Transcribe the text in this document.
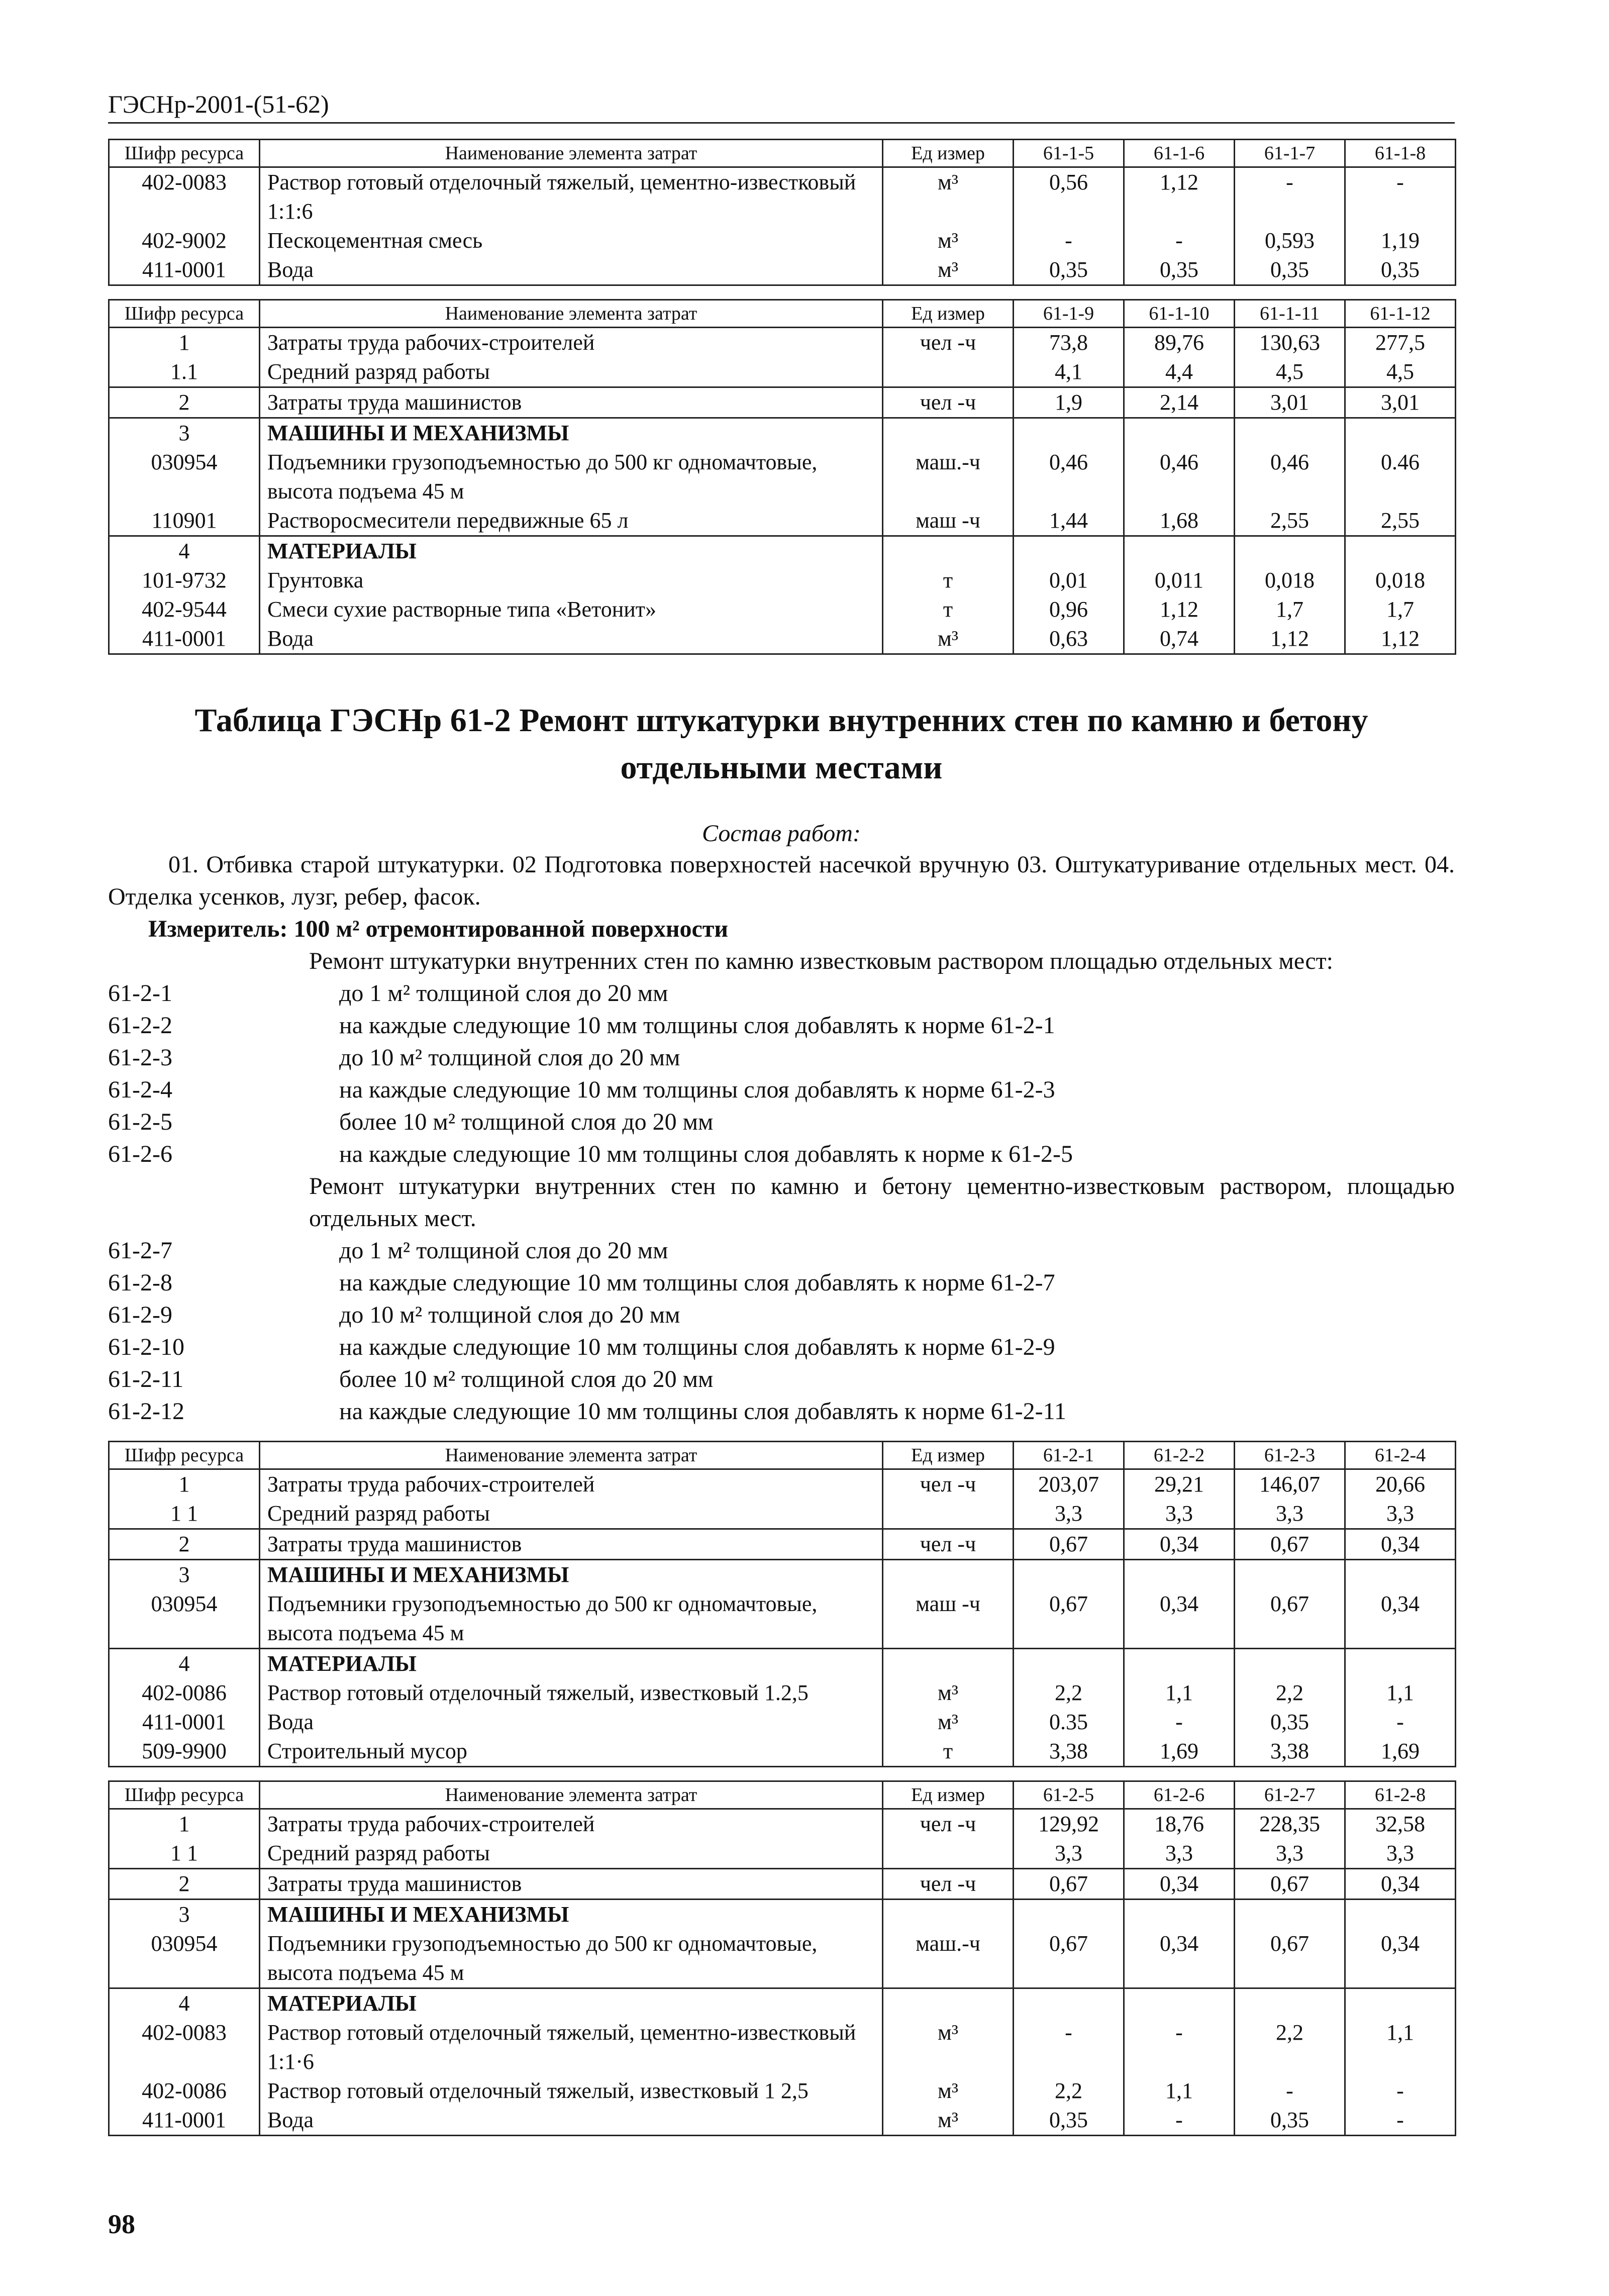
ГЭСНр-2001-(51-62)
Шифр ресурса	Наименование элемента затрат	Ед измер	61-1-5	61-1-6	61-1-7	61-1-8
402-0083	Раствор готовый отделочный тяжелый, цементно-известковый 1:1:6	м³	0,56	1,12	-	-
402-9002	Пескоцементная смесь	м³	-	-	0,593	1,19
411-0001	Вода	м³	0,35	0,35	0,35	0,35
Шифр ресурса	Наименование элемента затрат	Ед измер	61-1-9	61-1-10	61-1-11	61-1-12
1	Затраты труда рабочих-строителей	чел -ч	73,8	89,76	130,63	277,5
1.1	Средний разряд работы		4,1	4,4	4,5	4,5
2	Затраты труда машинистов	чел -ч	1,9	2,14	3,01	3,01
3	МАШИНЫ И МЕХАНИЗМЫ					
030954	Подъемники грузоподъемностью до 500 кг одномачтовые, высота подъема 45 м	маш.-ч	0,46	0,46	0,46	0.46
110901	Растворосмесители передвижные 65 л	маш -ч	1,44	1,68	2,55	2,55
4	МАТЕРИАЛЫ					
101-9732	Грунтовка	т	0,01	0,011	0,018	0,018
402-9544	Смеси сухие растворные типа «Ветонит»	т	0,96	1,12	1,7	1,7
411-0001	Вода	м³	0,63	0,74	1,12	1,12
Таблица ГЭСНр 61-2 Ремонт штукатурки внутренних стен по камню и бетону отдельными местами
Состав работ:
01. Отбивка старой штукатурки. 02 Подготовка поверхностей насечкой вручную 03. Оштукатуривание отдельных мест. 04. Отделка усенков, лузг, ребер, фасок.
Измеритель: 100 м² отремонтированной поверхности
Ремонт штукатурки внутренних стен по камню известковым раствором площадью отдельных мест:
61-2-1	до 1 м² толщиной слоя до 20 мм
61-2-2	на каждые следующие 10 мм толщины слоя добавлять к норме 61-2-1
61-2-3	до 10 м² толщиной слоя до 20 мм
61-2-4	на каждые следующие 10 мм толщины слоя добавлять к норме 61-2-3
61-2-5	более 10 м² толщиной слоя до 20 мм
61-2-6	на каждые следующие 10 мм толщины слоя добавлять к норме к 61-2-5
Ремонт штукатурки внутренних стен по камню и бетону цементно-известковым раствором, площадью отдельных мест.
61-2-7	до 1 м² толщиной слоя до 20 мм
61-2-8	на каждые следующие 10 мм толщины слоя добавлять к норме 61-2-7
61-2-9	до 10 м² толщиной слоя до 20 мм
61-2-10	на каждые следующие 10 мм толщины слоя добавлять к норме 61-2-9
61-2-11	более 10 м² толщиной слоя до 20 мм
61-2-12	на каждые следующие 10 мм толщины слоя добавлять к норме 61-2-11
Шифр ресурса	Наименование элемента затрат	Ед измер	61-2-1	61-2-2	61-2-3	61-2-4
1	Затраты труда рабочих-строителей	чел -ч	203,07	29,21	146,07	20,66
1 1	Средний разряд работы		3,3	3,3	3,3	3,3
2	Затраты труда машинистов	чел -ч	0,67	0,34	0,67	0,34
3	МАШИНЫ И МЕХАНИЗМЫ					
030954	Подъемники грузоподъемностью до 500 кг одномачтовые, высота подъема 45 м	маш -ч	0,67	0,34	0,67	0,34
4	МАТЕРИАЛЫ					
402-0086	Раствор готовый отделочный тяжелый, известковый 1.2,5	м³	2,2	1,1	2,2	1,1
411-0001	Вода	м³	0.35	-	0,35	-
509-9900	Строительный мусор	т	3,38	1,69	3,38	1,69
Шифр ресурса	Наименование элемента затрат	Ед измер	61-2-5	61-2-6	61-2-7	61-2-8
1	Затраты труда рабочих-строителей	чел -ч	129,92	18,76	228,35	32,58
1 1	Средний разряд работы		3,3	3,3	3,3	3,3
2	Затраты труда машинистов	чел -ч	0,67	0,34	0,67	0,34
3	МАШИНЫ И МЕХАНИЗМЫ					
030954	Подъемники грузоподъемностью до 500 кг одномачтовые, высота подъема 45 м	маш.-ч	0,67	0,34	0,67	0,34
4	МАТЕРИАЛЫ					
402-0083	Раствор готовый отделочный тяжелый, цементно-известковый 1:1·6	м³	-	-	2,2	1,1
402-0086	Раствор готовый отделочный тяжелый, известковый 1 2,5	м³	2,2	1,1	-	-
411-0001	Вода	м³	0,35	-	0,35	-
98
